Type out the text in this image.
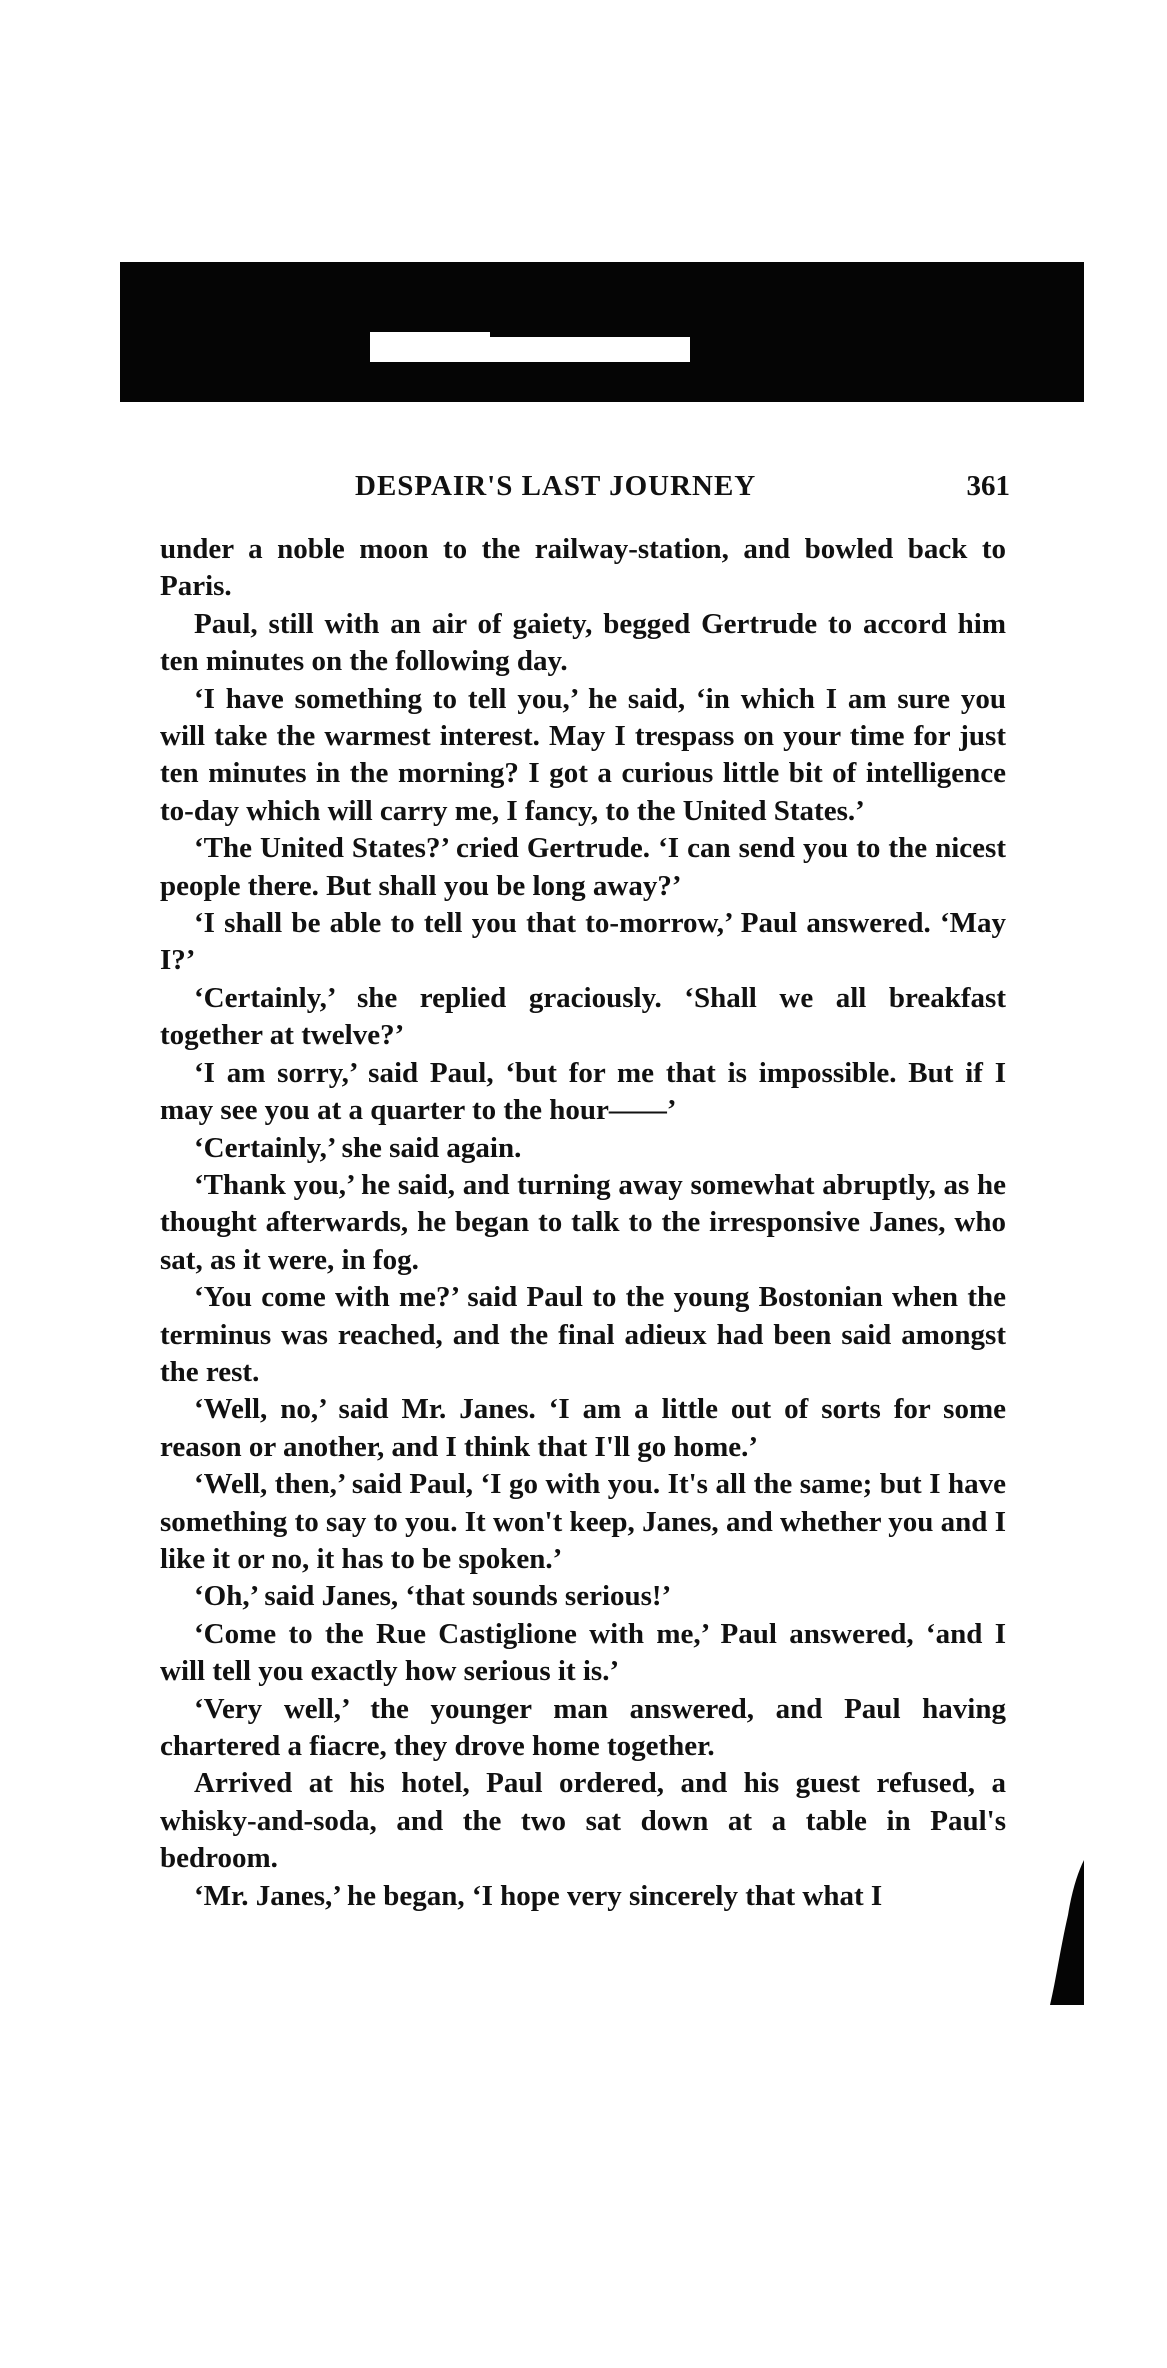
DESPAIR'S LAST JOURNEY	361

under a noble moon to the railway-station, and bowled back to Paris.

Paul, still with an air of gaiety, begged Gertrude to accord him ten minutes on the following day.

‘I have something to tell you,’ he said, ‘in which I am sure you will take the warmest interest. May I trespass on your time for just ten minutes in the morning? I got a curious little bit of intelligence to-day which will carry me, I fancy, to the United States.’

‘The United States?’ cried Gertrude. ‘I can send you to the nicest people there. But shall you be long away?’

‘I shall be able to tell you that to-morrow,’ Paul answered. ‘May I?’

‘Certainly,’ she replied graciously. ‘Shall we all breakfast together at twelve?’

‘I am sorry,’ said Paul, ‘but for me that is impossible. But if I may see you at a quarter to the hour——’

‘Certainly,’ she said again.

‘Thank you,’ he said, and turning away somewhat abruptly, as he thought afterwards, he began to talk to the irresponsive Janes, who sat, as it were, in fog.

‘You come with me?’ said Paul to the young Bostonian when the terminus was reached, and the final adieux had been said amongst the rest.

‘Well, no,’ said Mr. Janes. ‘I am a little out of sorts for some reason or another, and I think that I'll go home.’

‘Well, then,’ said Paul, ‘I go with you. It's all the same; but I have something to say to you. It won't keep, Janes, and whether you and I like it or no, it has to be spoken.’

‘Oh,’ said Janes, ‘that sounds serious!’

‘Come to the Rue Castiglione with me,’ Paul answered, ‘and I will tell you exactly how serious it is.’

‘Very well,’ the younger man answered, and Paul having chartered a fiacre, they drove home together.

Arrived at his hotel, Paul ordered, and his guest refused, a whisky-and-soda, and the two sat down at a table in Paul's bedroom.

‘Mr. Janes,’ he began, ‘I hope very sincerely that what I
